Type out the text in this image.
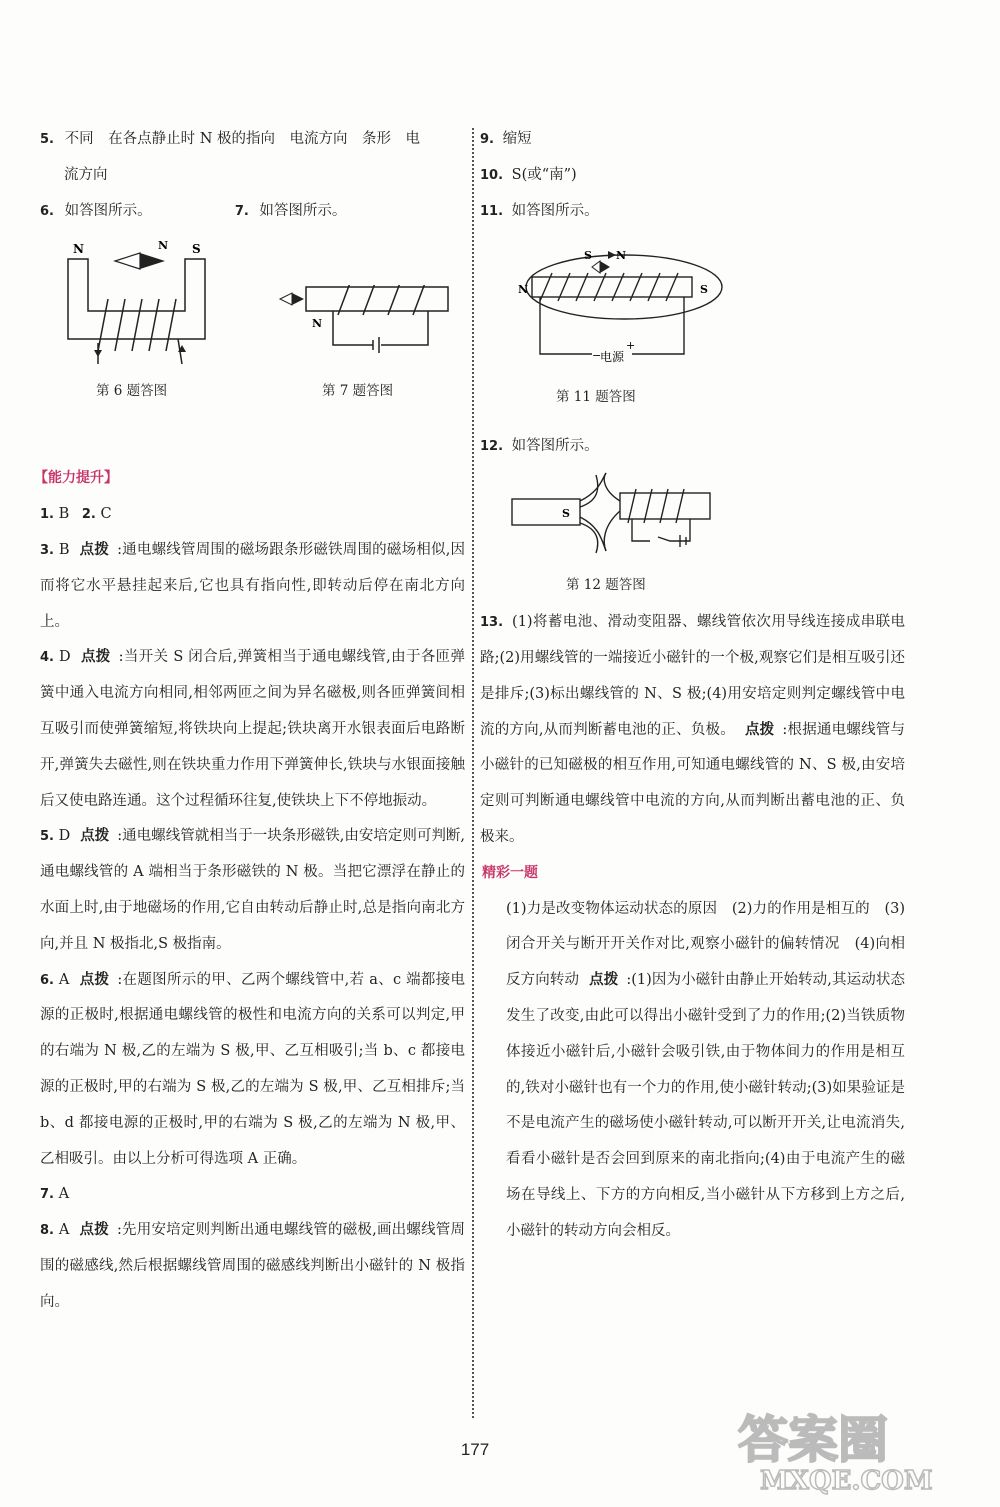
5. 不同　在各点静止时 N 极的指向　电流方向　条形　电
流方向

6. 如答图所示。	7. 如答图所示。

N	N S
第 6 题答图
N
第 7 题答图

【能力提升】

1. B 2. C

3. B 点拨 :通电螺线管周围的磁场跟条形磁铁周围的磁场相似,因而将它水平悬挂起来后,它也具有指向性,即转动后停在南北方向上。

4. D 点拨 :当开关 S 闭合后,弹簧相当于通电螺线管,由于各匝弹簧中通入电流方向相同,相邻两匝之间为异名磁极,则各匝弹簧间相互吸引而使弹簧缩短,将铁块向上提起;铁块离开水银表面后电路断开,弹簧失去磁性,则在铁块重力作用下弹簧伸长,铁块与水银面接触后又使电路连通。这个过程循环往复,使铁块上下不停地振动。

5. D 点拨 :通电螺线管就相当于一块条形磁铁,由安培定则可判断,通电螺线管的 A 端相当于条形磁铁的 N 极。当把它漂浮在静止的水面上时,由于地磁场的作用,它自由转动后静止时,总是指向南北方向,并且 N 极指北,S 极指南。

6. A 点拨 :在题图所示的甲、乙两个螺线管中,若 a、c 端都接电源的正极时,根据通电螺线管的极性和电流方向的关系可以判定,甲的右端为 N 极,乙的左端为 S 极,甲、乙互相吸引;当 b、c 都接电源的正极时,甲的右端为 S 极,乙的左端为 S 极,甲、乙互相排斥;当 b、d 都接电源的正极时,甲的右端为 S 极,乙的左端为 N 极,甲、乙相吸引。由以上分析可得选项 A 正确。

7. A

8. A 点拨 :先用安培定则判断出通电螺线管的磁极,画出螺线管周围的磁感线,然后根据螺线管周围的磁感线判断出小磁针的 N 极指向。

9. 缩短

10. S(或“南”)

11. 如答图所示。

S N
N	S
−
电源
+
第 11 题答图

12. 如答图所示。

S
第 12 题答图

13. (1)将蓄电池、滑动变阻器、螺线管依次用导线连接成串联电路;(2)用螺线管的一端接近小磁针的一个极,观察它们是相互吸引还是排斥;(3)标出螺线管的 N、S 极;(4)用安培定则判定螺线管中电流的方向,从而判断蓄电池的正、负极。 点拨 :根据通电螺线管与小磁针的已知磁极的相互作用,可知通电螺线管的 N、S 极,由安培定则可判断通电螺线管中电流的方向,从而判断出蓄电池的正、负极来。

精彩一题

(1)力是改变物体运动状态的原因　(2)力的作用是相互的　(3)闭合开关与断开开关作对比,观察小磁针的偏转情况　(4)向相反方向转动 点拨 :(1)因为小磁针由静止开始转动,其运动状态发生了改变,由此可以得出小磁针受到了力的作用;(2)当铁质物体接近小磁针后,小磁针会吸引铁,由于物体间力的作用是相互的,铁对小磁针也有一个力的作用,使小磁针转动;(3)如果验证是不是电流产生的磁场使小磁针转动,可以断开开关,让电流消失,看看小磁针是否会回到原来的南北指向;(4)由于电流产生的磁场在导线上、下方的方向相反,当小磁针从下方移到上方之后,小磁针的转动方向会相反。

177	答案圈
MXQE.COM
